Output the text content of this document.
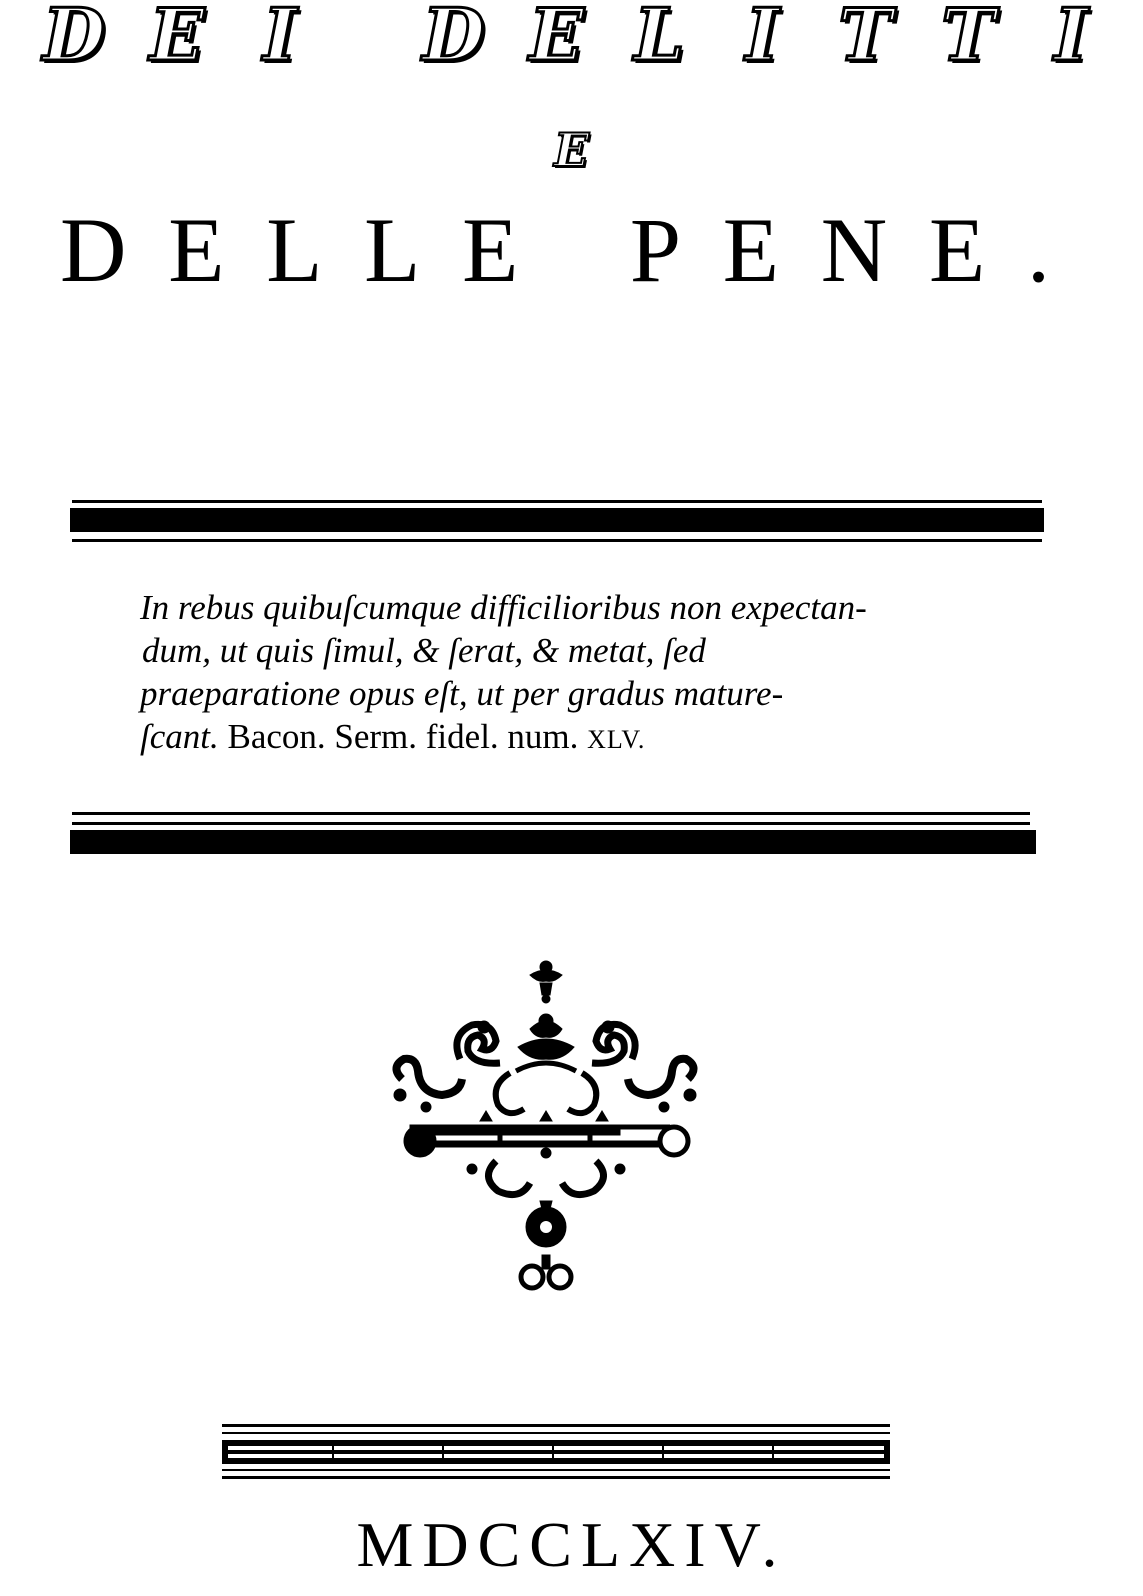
D E I	D E L I T T I
E
D E L L E P E N E .
In rebus quibuſcumque difficilioribus non expectan-
dum, ut quis ſimul, & ſerat, & metat, ſed
praeparatione opus eſt, ut per gradus mature-
ſcant. Bacon. Serm. fidel. num. XLV.
MDCCLXIV.
